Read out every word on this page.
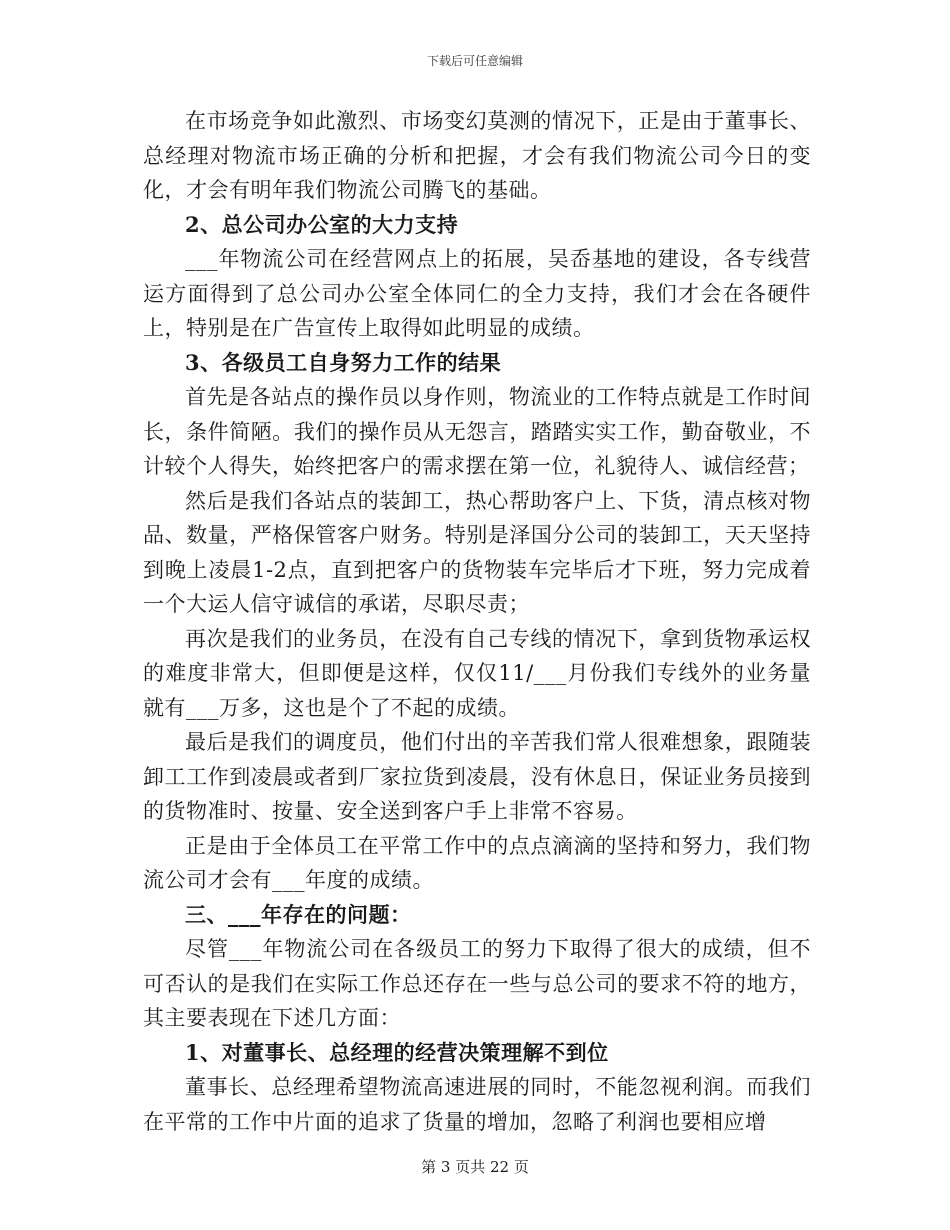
下载后可任意编辑

在市场竞争如此激烈、市场变幻莫测的情况下，正是由于董事长、总经理对物流市场正确的分析和把握，才会有我们物流公司今日的变化，才会有明年我们物流公司腾飞的基础。

2、总公司办公室的大力支持

___年物流公司在经营网点上的拓展，吴岙基地的建设，各专线营运方面得到了总公司办公室全体同仁的全力支持，我们才会在各硬件上，特别是在广告宣传上取得如此明显的成绩。

3、各级员工自身努力工作的结果

首先是各站点的操作员以身作则，物流业的工作特点就是工作时间长，条件简陋。我们的操作员从无怨言，踏踏实实工作，勤奋敬业，不计较个人得失，始终把客户的需求摆在第一位，礼貌待人、诚信经营；

然后是我们各站点的装卸工，热心帮助客户上、下货，清点核对物品、数量，严格保管客户财务。特别是泽国分公司的装卸工，天天坚持到晚上凌晨1-2点，直到把客户的货物装车完毕后才下班，努力完成着一个大运人信守诚信的承诺，尽职尽责；

再次是我们的业务员，在没有自己专线的情况下，拿到货物承运权的难度非常大，但即便是这样，仅仅11/___月份我们专线外的业务量就有___万多，这也是个了不起的成绩。

最后是我们的调度员，他们付出的辛苦我们常人很难想象，跟随装卸工工作到凌晨或者到厂家拉货到凌晨，没有休息日，保证业务员接到的货物准时、按量、安全送到客户手上非常不容易。

正是由于全体员工在平常工作中的点点滴滴的坚持和努力，我们物流公司才会有___年度的成绩。

三、___年存在的问题：

尽管___年物流公司在各级员工的努力下取得了很大的成绩，但不可否认的是我们在实际工作总还存在一些与总公司的要求不符的地方，其主要表现在下述几方面：

1、对董事长、总经理的经营决策理解不到位

董事长、总经理希望物流高速进展的同时，不能忽视利润。而我们在平常的工作中片面的追求了货量的增加，忽略了利润也要相应增

第 3 页共 22 页
